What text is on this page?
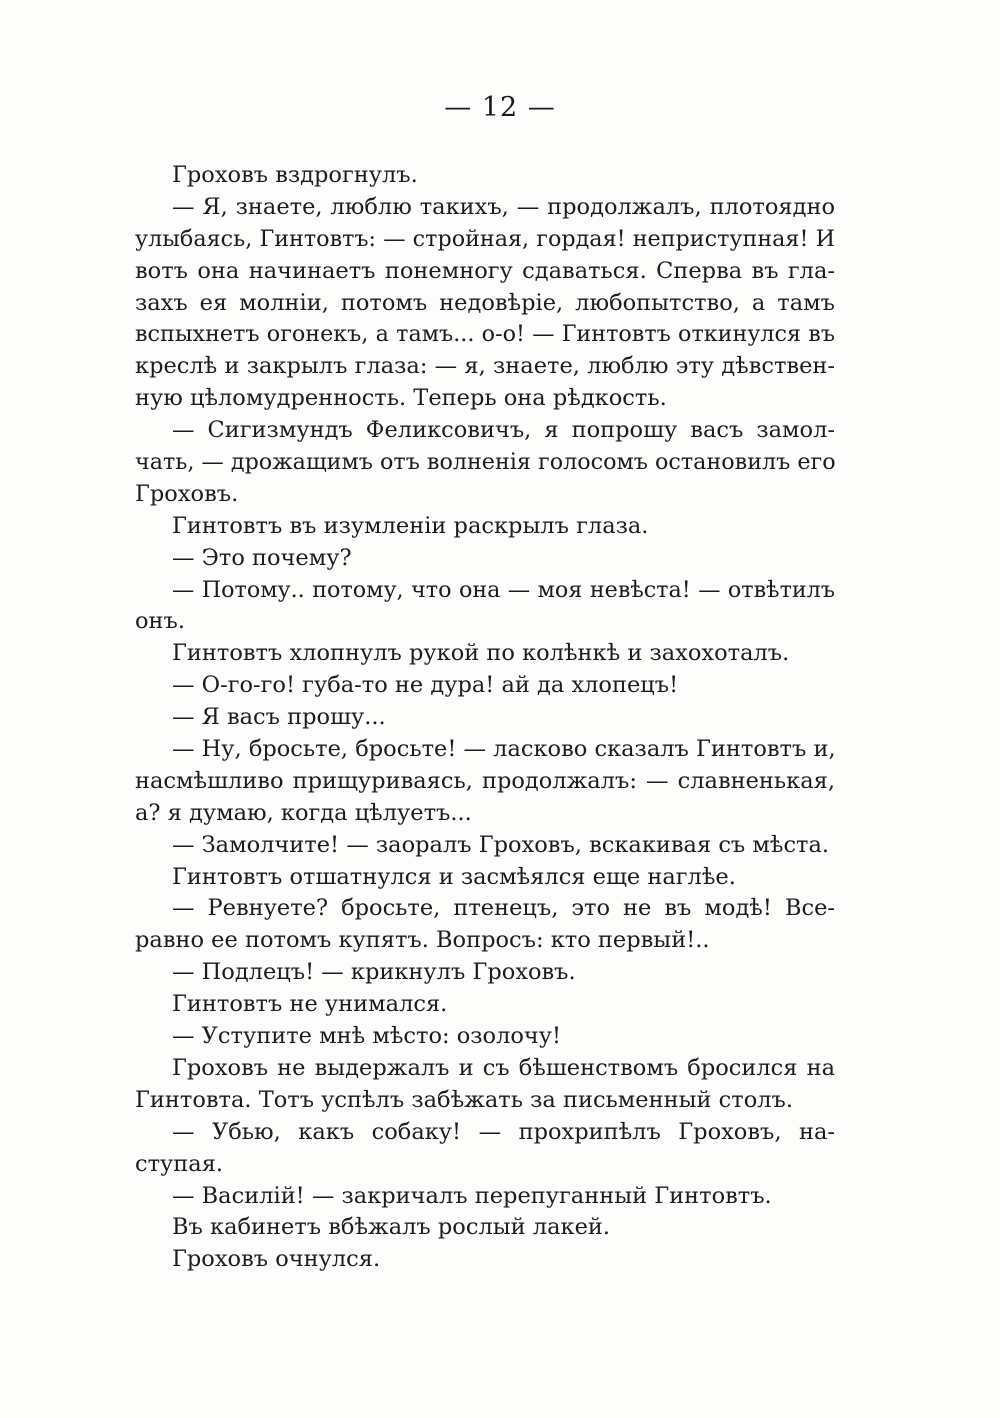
— 12 —
Гроховъ вздрогнулъ.
— Я, знаете, люблю такихъ, — продолжалъ, плотоядно
улыбаясь, Гинтовтъ: — стройная, гордая! неприступная! И
вотъ она начинаетъ понемногу сдаваться. Сперва въ гла-
захъ ея молніи, потомъ недовѣріе, любопытство, а тамъ
вспыхнетъ огонекъ, а тамъ... о-о! — Гинтовтъ откинулся въ
креслѣ и закрылъ глаза: — я, знаете, люблю эту дѣвствен-
ную цѣломудренность. Теперь она рѣдкость.
— Сигизмундъ Феликсовичъ, я попрошу васъ замол-
чать, — дрожащимъ отъ волненія голосомъ остановилъ его
Гроховъ.
Гинтовтъ въ изумленіи раскрылъ глаза.
— Это почему?
— Потому.. потому, что она — моя невѣста! — отвѣтилъ
онъ.
Гинтовтъ хлопнулъ рукой по колѣнкѣ и захохоталъ.
— О-го-го! губа-то не дура! ай да хлопецъ!
— Я васъ прошу...
— Ну, бросьте, бросьте! — ласково сказалъ Гинтовтъ и,
насмѣшливо прищуриваясь, продолжалъ: — славненькая,
а? я думаю, когда цѣлуетъ...
— Замолчите! — заоралъ Гроховъ, вскакивая съ мѣста.
Гинтовтъ отшатнулся и засмѣялся еще наглѣе.
— Ревнуете? бросьте, птенецъ, это не въ модѣ! Все-
равно ее потомъ купятъ. Вопросъ: кто первый!..
— Подлецъ! — крикнулъ Гроховъ.
Гинтовтъ не унимался.
— Уступите мнѣ мѣсто: озолочу!
Гроховъ не выдержалъ и съ бѣшенствомъ бросился на
Гинтовта. Тотъ успѣлъ забѣжать за письменный столъ.
— Убью, какъ собаку! — прохрипѣлъ Гроховъ, на-
ступая.
— Василій! — закричалъ перепуганный Гинтовтъ.
Въ кабинетъ вбѣжалъ рослый лакей.
Гроховъ очнулся.
